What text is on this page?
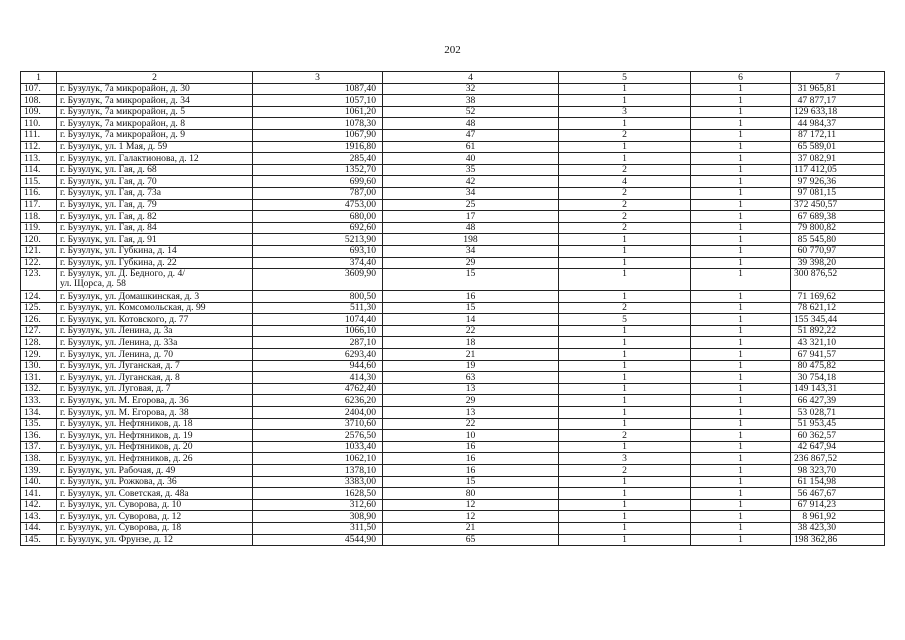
202
1	2	3	4	5	6	7
107.	г. Бузулук, 7а микрорайон, д. 30	1087,40	32	1	1	31 965,81
108.	г. Бузулук, 7а микрорайон, д. 34	1057,10	38	1	1	47 877,17
109.	г. Бузулук, 7а микрорайон, д. 5	1061,20	52	3	1	129 633,18
110.	г. Бузулук, 7а микрорайон, д. 8	1078,30	48	1	1	44 984,37
111.	г. Бузулук, 7а микрорайон, д. 9	1067,90	47	2	1	87 172,11
112.	г. Бузулук, ул. 1 Мая, д. 59	1916,80	61	1	1	65 589,01
113.	г. Бузулук, ул. Галактионова, д. 12	285,40	40	1	1	37 082,91
114.	г. Бузулук, ул. Гая, д. 68	1352,70	35	2	1	117 412,05
115.	г. Бузулук, ул. Гая, д. 70	699,60	42	4	1	97 926,36
116.	г. Бузулук, ул. Гая, д. 73а	787,00	34	2	1	97 081,15
117.	г. Бузулук, ул. Гая, д. 79	4753,00	25	2	1	372 450,57
118.	г. Бузулук, ул. Гая, д. 82	680,00	17	2	1	67 689,38
119.	г. Бузулук, ул. Гая, д. 84	692,60	48	2	1	79 800,82
120.	г. Бузулук, ул. Гая, д. 91	5213,90	198	1	1	85 545,80
121.	г. Бузулук, ул. Губкина, д. 14	693,10	34	1	1	60 770,97
122.	г. Бузулук, ул. Губкина, д. 22	374,40	29	1	1	39 398,20
123.	г. Бузулук, ул. Д. Бедного, д. 4/
ул. Щорса, д. 58	3609,90	15	1	1	300 876,52
124.	г. Бузулук, ул. Домашкинская, д. 3	800,50	16	1	1	71 169,62
125.	г. Бузулук, ул. Комсомольская, д. 99	511,30	15	2	1	78 621,12
126.	г. Бузулук, ул. Котовского, д. 77	1074,40	14	5	1	155 345,44
127.	г. Бузулук, ул. Ленина, д. 3а	1066,10	22	1	1	51 892,22
128.	г. Бузулук, ул. Ленина, д. 33а	287,10	18	1	1	43 321,10
129.	г. Бузулук, ул. Ленина, д. 70	6293,40	21	1	1	67 941,57
130.	г. Бузулук, ул. Луганская, д. 7	944,60	19	1	1	80 475,82
131.	г. Бузулук, ул. Луганская, д. 8	414,30	63	1	1	30 754,18
132.	г. Бузулук, ул. Луговая, д. 7	4762,40	13	1	1	149 143,31
133.	г. Бузулук, ул. М. Егорова, д. 36	6236,20	29	1	1	66 427,39
134.	г. Бузулук, ул. М. Егорова, д. 38	2404,00	13	1	1	53 028,71
135.	г. Бузулук, ул. Нефтяников, д. 18	3710,60	22	1	1	51 953,45
136.	г. Бузулук, ул. Нефтяников, д. 19	2576,50	10	2	1	60 362,57
137.	г. Бузулук, ул. Нефтяников, д. 20	1033,40	16	1	1	42 647,94
138.	г. Бузулук, ул. Нефтяников, д. 26	1062,10	16	3	1	236 867,52
139.	г. Бузулук, ул. Рабочая, д. 49	1378,10	16	2	1	98 323,70
140.	г. Бузулук, ул. Рожкова, д. 36	3383,00	15	1	1	61 154,98
141.	г. Бузулук, ул. Советская, д. 48а	1628,50	80	1	1	56 467,67
142.	г. Бузулук, ул. Суворова, д. 10	312,60	12	1	1	67 914,23
143.	г. Бузулук, ул. Суворова, д. 12	308,90	12	1	1	8 961,92
144.	г. Бузулук, ул. Суворова, д. 18	311,50	21	1	1	38 423,30
145.	г. Бузулук, ул. Фрунзе, д. 12	4544,90	65	1	1	198 362,86
